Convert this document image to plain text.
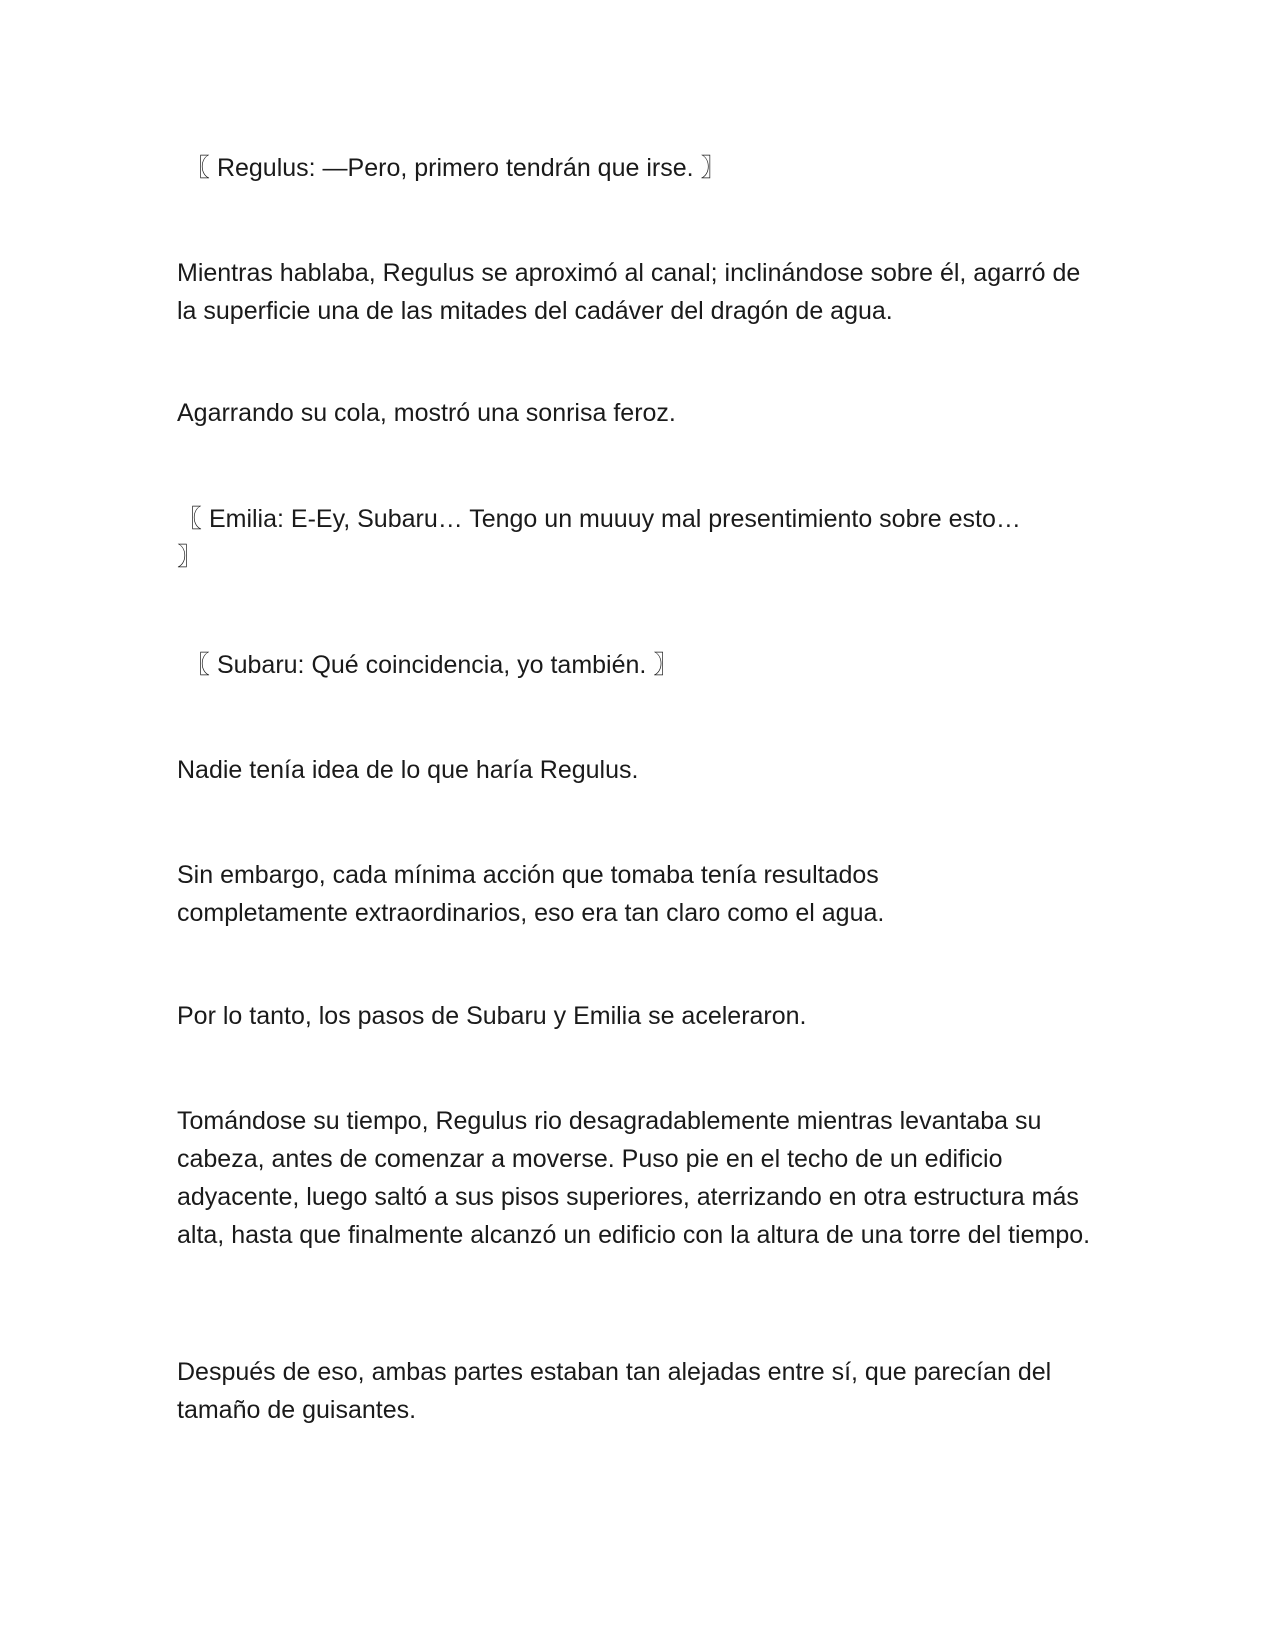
〖 Regulus: —Pero, primero tendrán que irse. 〗

Mientras hablaba, Regulus se aproximó al canal; inclinándose sobre él, agarró de la superficie una de las mitades del cadáver del dragón de agua.

Agarrando su cola, mostró una sonrisa feroz.

〖 Emilia: E-Ey, Subaru… Tengo un muuuy mal presentimiento sobre esto… 〗

〖 Subaru: Qué coincidencia, yo también. 〗

Nadie tenía idea de lo que haría Regulus.

Sin embargo, cada mínima acción que tomaba tenía resultados completamente extraordinarios, eso era tan claro como el agua.

Por lo tanto, los pasos de Subaru y Emilia se aceleraron.

Tomándose su tiempo, Regulus rio desagradablemente mientras levantaba su cabeza, antes de comenzar a moverse. Puso pie en el techo de un edificio adyacente, luego saltó a sus pisos superiores, aterrizando en otra estructura más alta, hasta que finalmente alcanzó un edificio con la altura de una torre del tiempo.

Después de eso, ambas partes estaban tan alejadas entre sí, que parecían del tamaño de guisantes.
